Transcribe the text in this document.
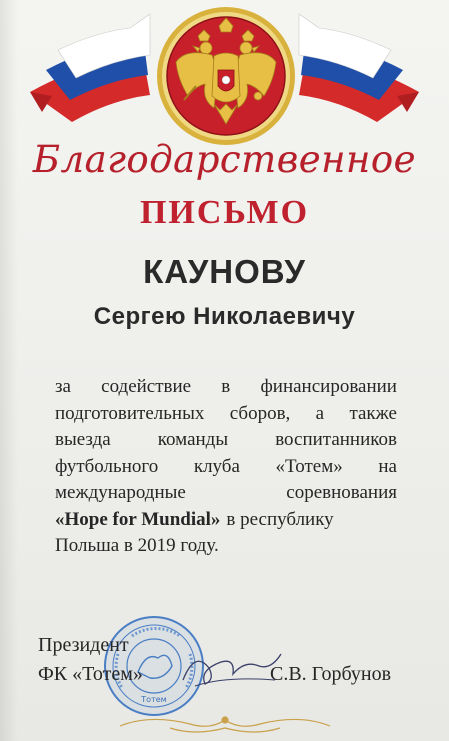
Благодарственное
ПИСЬМО
КАУНОВУ
Сергею Николаевичу
за содействие в финансировании
подготовительных сборов, а также
выезда команды воспитанников
футбольного клуба «Тотем» на
международные	соревнования
«Hope for Mundial» в республику
Польша в 2019 году.
Тотем
Президент
ФК «Тотем»	С.В. Горбунов
